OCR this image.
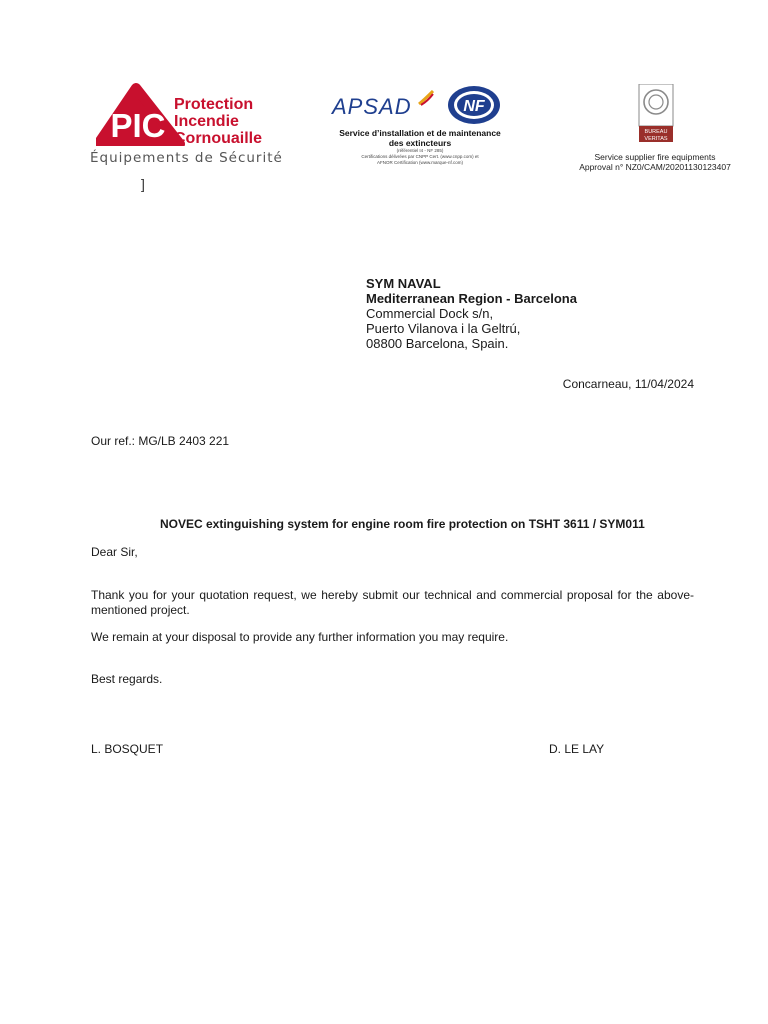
PIC
Protection
Incendie
Cornouaille
Équipements de Sécurité
APSAD	NF
Service d’installation et de maintenance
des extincteurs
(référentiel I4 - NF 285)
Certifications délivrées par CNPP Cert. (www.cnpp.com) et
AFNOR Certification (www.marque-nf.com)
BUREAU
VERITAS
Service supplier fire equipments
Approval n° NZ0/CAM/20201130123407
]
SYM NAVAL
Mediterranean Region - Barcelona
Commercial Dock s/n,
Puerto Vilanova i la Geltrú,
08800 Barcelona, Spain.
Concarneau, 11/04/2024
Our ref.: MG/LB 2403 221
NOVEC extinguishing system for engine room fire protection on TSHT 3611 / SYM011
Dear Sir,
Thank you for your quotation request, we hereby submit our technical and commercial proposal for the above-mentioned project.
We remain at your disposal to provide any further information you may require.
Best regards.
L. BOSQUET	D. LE LAY
